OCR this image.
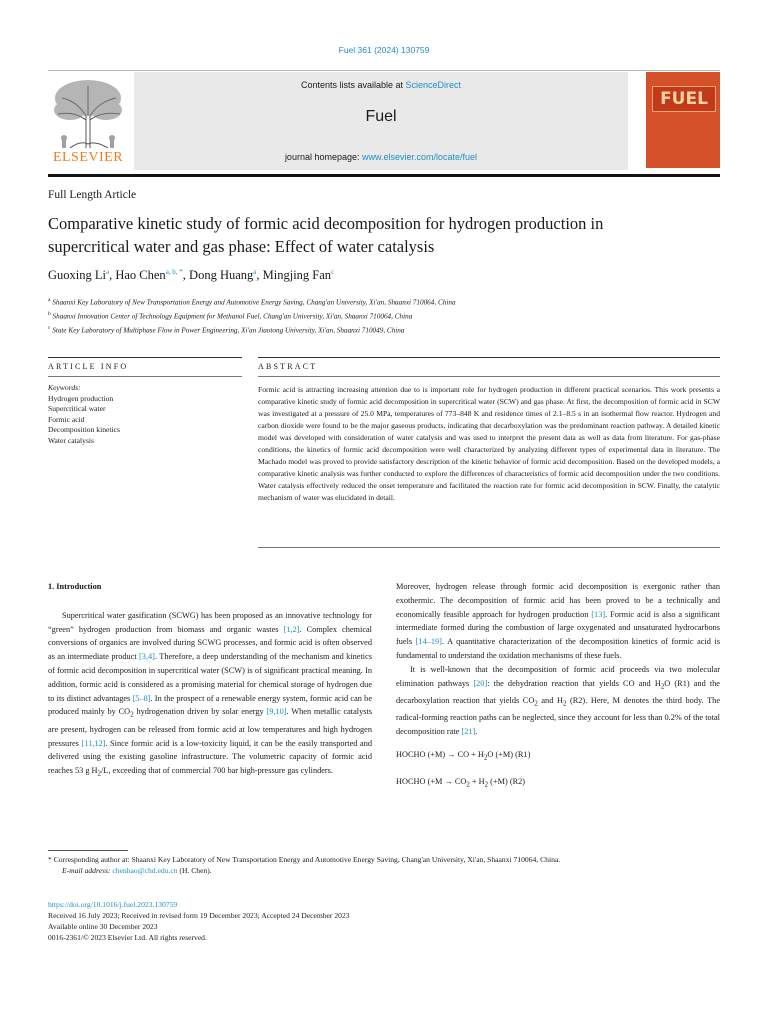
Fuel 361 (2024) 130759
ELSEVIER
Contents lists available at ScienceDirect
Fuel
journal homepage: www.elsevier.com/locate/fuel
FUEL
Full Length Article
Comparative kinetic study of formic acid decomposition for hydrogen production in supercritical water and gas phase: Effect of water catalysis
Guoxing Li$^a$, Hao Chen$^{a, b, *}$, Dong Huang$^a$, Mingjing Fan$^c$
$^a$ Shaanxi Key Laboratory of New Transportation Energy and Automotive Energy Saving, Chang'an University, Xi'an, Shaanxi 710064, China
$^b$ Shaanxi Innovation Center of Technology Equipment for Methanol Fuel, Chang'an University, Xi'an, Shaanxi 710064, China
$^c$ State Key Laboratory of Multiphase Flow in Power Engineering, Xi'an Jiaotong University, Xi'an, Shaanxi 710049, China
ARTICLE INFO	ABSTRACT
Keywords:
Hydrogen production
Supercritical water
Formic acid
Decomposition kinetics
Water catalysis
Formic acid is attracting increasing attention due to is important role for hydrogen production in different practical scenarios. This work presents a comparative kinetic study of formic acid decomposition in supercritical water (SCW) and gas phase. At first, the decomposition of formic acid in SCW was investigated at a pressure of 25.0 MPa, temperatures of 773–848 K and residence times of 2.1–8.5 s in an isothermal flow reactor. Hydrogen and carbon dioxide were found to be the major gaseous products, indicating that decarboxylation was the predominant reaction pathway. A detailed kinetic model was developed with consideration of water catalysis and was used to interpret the present data as well as data from literature. For gas-phase conditions, the kinetics of formic acid decomposition were well characterized by analyzing different types of experimental data in literature. The Machado model was proved to provide satisfactory description of the kinetic behavior of formic acid decomposition. Based on the developed models, a comparative kinetic analysis was further conducted to explore the differences of characteristics of formic acid decomposition under the two conditions. Water catalysis effectively reduced the onset temperature and facilitated the reaction rate for formic acid decomposition in SCW. Finally, the catalytic mechanism of water was elucidated in detail.

1. Introduction

Supercritical water gasification (SCWG) has been proposed as an innovative technology for “green” hydrogen production from biomass and organic wastes [1,2]. Complex chemical conversions of organics are involved during SCWG processes, and formic acid is often observed as an intermediate product [3,4]. Therefore, a deep understanding of the mechanism and kinetics of formic acid decomposition in supercritical water (SCW) is of significant practical meaning. In addition, formic acid is considered as a promising material for chemical storage of hydrogen due to its distinct advantages [5–8]. In the prospect of a renewable energy system, formic acid can be produced mainly by $CO_2$ hydrogenation driven by solar energy [9,10]. When metallic catalysts are present, hydrogen can be released from formic acid at low temperatures and high hydrogen pressures [11,12]. Since formic acid is a low-toxicity liquid, it can be the easily transported and delivered using the existing gasoline infrastructure. The volumetric capacity of formic acid reaches 53 g $H_2/L$, exceeding that of commercial 700 bar high-pressure gas cylinders.

Moreover, hydrogen release through formic acid decomposition is exergonic rather than exothermic. The decomposition of formic acid has been proved to be a technically and economically feasible approach for hydrogen production [13]. Formic acid is also a significant intermediate formed during the combustion of large oxygenated and unsaturated hydrocarbons fuels [14–19]. A quantitative characterization of the decomposition kinetics of formic acid is fundamental to understand the oxidation mechanisms of these fuels.

It is well-known that the decomposition of formic acid proceeds via two molecular elimination pathways [20]: the dehydration reaction that yields CO and $H_2O$ (R1) and the decarboxylation reaction that yields $CO_2$ and $H_2$ (R2). Here, M denotes the third body. The radical-forming reaction paths can be neglected, since they account for less than 0.2% of the total decomposition rate [21].

HOCHO (+M) → CO + $H_2O$ (+M) (R1)

HOCHO ($+M \to CO_2 + H_2$ (+M) (R2)

* Corresponding author at: Shaanxi Key Laboratory of New Transportation Energy and Automotive Energy Saving, Chang'an University, Xi'an, Shaanxi 710064, China.
E-mail address: chenhao@chd.edu.cn (H. Chen).
https://doi.org/10.1016/j.fuel.2023.130759
Received 16 July 2023; Received in revised form 19 December 2023; Accepted 24 December 2023
Available online 30 December 2023
0016-2361/© 2023 Elsevier Ltd. All rights reserved.
